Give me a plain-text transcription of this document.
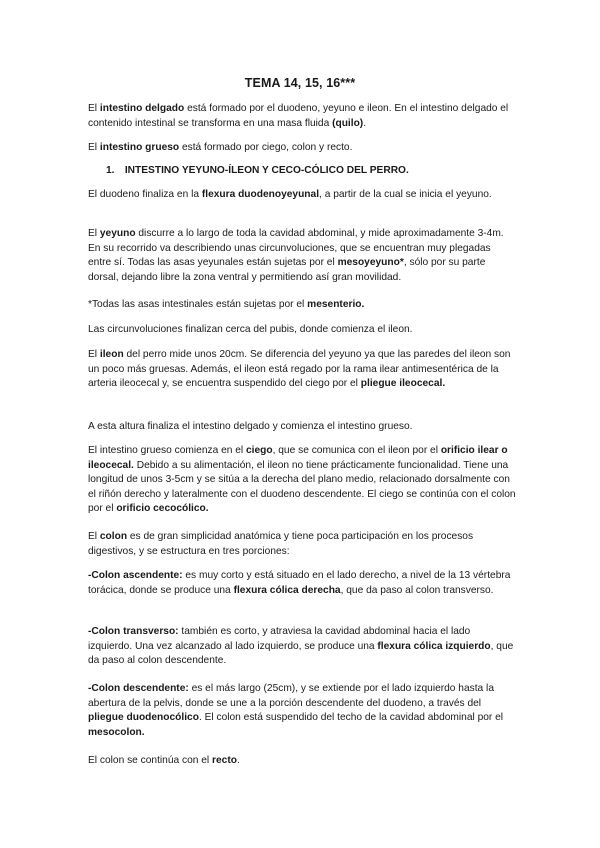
TEMA 14, 15, 16***

El intestino delgado está formado por el duodeno, yeyuno e ileon. En el intestino delgado el contenido intestinal se transforma en una masa fluida (quilo).

El intestino grueso está formado por ciego, colon y recto.

1. INTESTINO YEYUNO-ÍLEON Y CECO-CÓLICO DEL PERRO.

El duodeno finaliza en la flexura duodenoyeyunal, a partir de la cual se inicia el yeyuno.

El yeyuno discurre a lo largo de toda la cavidad abdominal, y mide aproximadamente 3-4m. En su recorrido va describiendo unas circunvoluciones, que se encuentran muy plegadas entre sí. Todas las asas yeyunales están sujetas por el mesoyeyuno*, sólo por su parte dorsal, dejando libre la zona ventral y permitiendo así gran movilidad.

*Todas las asas intestinales están sujetas por el mesenterio.

Las circunvoluciones finalizan cerca del pubis, donde comienza el ileon.

El ileon del perro mide unos 20cm. Se diferencia del yeyuno ya que las paredes del ileon son un poco más gruesas. Además, el ileon está regado por la rama ilear antimesentérica de la arteria ileocecal y, se encuentra suspendido del ciego por el pliegue ileocecal.

A esta altura finaliza el intestino delgado y comienza el intestino grueso.

El intestino grueso comienza en el ciego, que se comunica con el ileon por el orificio ilear o ileocecal. Debido a su alimentación, el ileon no tiene prácticamente funcionalidad. Tiene una longitud de unos 3-5cm y se sitúa a la derecha del plano medio, relacionado dorsalmente con el riñón derecho y lateralmente con el duodeno descendente. El ciego se continúa con el colon por el orificio cecocólico.

El colon es de gran simplicidad anatómica y tiene poca participación en los procesos digestivos, y se estructura en tres porciones:

-Colon ascendente: es muy corto y está situado en el lado derecho, a nivel de la 13 vértebra torácica, donde se produce una flexura cólica derecha, que da paso al colon transverso.

-Colon transverso: también es corto, y atraviesa la cavidad abdominal hacia el lado izquierdo. Una vez alcanzado al lado izquierdo, se produce una flexura cólica izquierdo, que da paso al colon descendente.

-Colon descendente: es el más largo (25cm), y se extiende por el lado izquierdo hasta la abertura de la pelvis, donde se une a la porción descendente del duodeno, a través del pliegue duodenocólico. El colon está suspendido del techo de la cavidad abdominal por el mesocolon.

El colon se continúa con el recto.
